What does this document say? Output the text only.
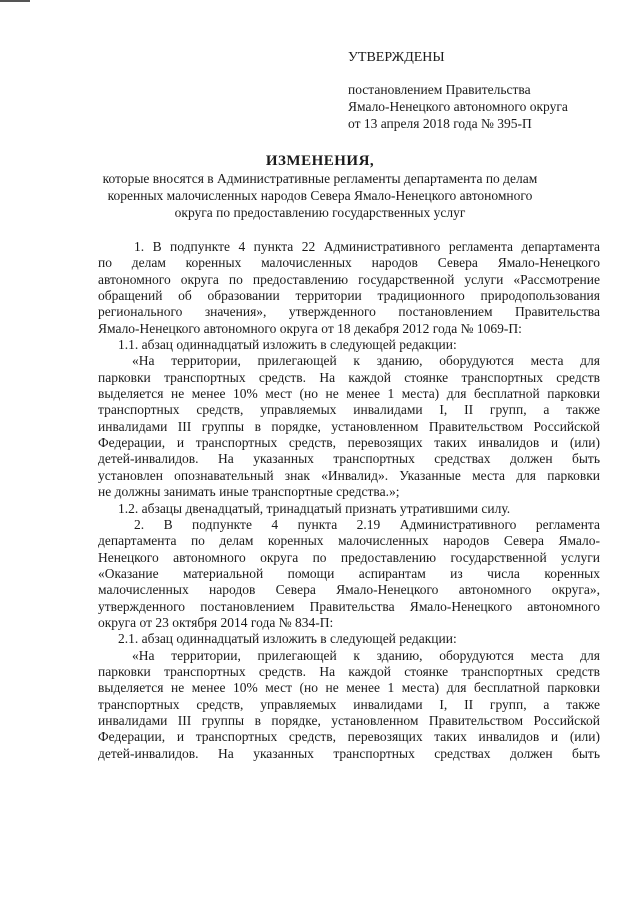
УТВЕРЖДЕНЫ
постановлением Правительства
Ямало-Ненецкого автономного округа
от 13 апреля 2018 года № 395-П
ИЗМЕНЕНИЯ,
которые вносятся в Административные регламенты департамента по делам
коренных малочисленных народов Севера Ямало-Ненецкого автономного
округа по предоставлению государственных услуг
1. В подпункте 4 пункта 22 Административного регламента департамента
по делам коренных малочисленных народов Севера Ямало-Ненецкого
автономного округа по предоставлению государственной услуги «Рассмотрение
обращений об образовании территории традиционного природопользования
регионального значения», утвержденного постановлением Правительства
Ямало-Ненецкого автономного округа от 18 декабря 2012 года № 1069-П:
1.1. абзац одиннадцатый изложить в следующей редакции:
«На территории, прилегающей к зданию, оборудуются места для
парковки транспортных средств. На каждой стоянке транспортных средств
выделяется не менее 10% мест (но не менее 1 места) для бесплатной парковки
транспортных средств, управляемых инвалидами I, II групп, а также
инвалидами III группы в порядке, установленном Правительством Российской
Федерации, и транспортных средств, перевозящих таких инвалидов и (или)
детей-инвалидов. На указанных транспортных средствах должен быть
установлен опознавательный знак «Инвалид». Указанные места для парковки
не должны занимать иные транспортные средства.»;
1.2. абзацы двенадцатый, тринадцатый признать утратившими силу.
2. В подпункте 4 пункта 2.19 Административного регламента
департамента по делам коренных малочисленных народов Севера Ямало-
Ненецкого автономного округа по предоставлению государственной услуги
«Оказание материальной помощи аспирантам из числа коренных
малочисленных народов Севера Ямало-Ненецкого автономного округа»,
утвержденного постановлением Правительства Ямало-Ненецкого автономного
округа от 23 октября 2014 года № 834-П:
2.1. абзац одиннадцатый изложить в следующей редакции:
«На территории, прилегающей к зданию, оборудуются места для
парковки транспортных средств. На каждой стоянке транспортных средств
выделяется не менее 10% мест (но не менее 1 места) для бесплатной парковки
транспортных средств, управляемых инвалидами I, II групп, а также
инвалидами III группы в порядке, установленном Правительством Российской
Федерации, и транспортных средств, перевозящих таких инвалидов и (или)
детей-инвалидов. На указанных транспортных средствах должен быть
